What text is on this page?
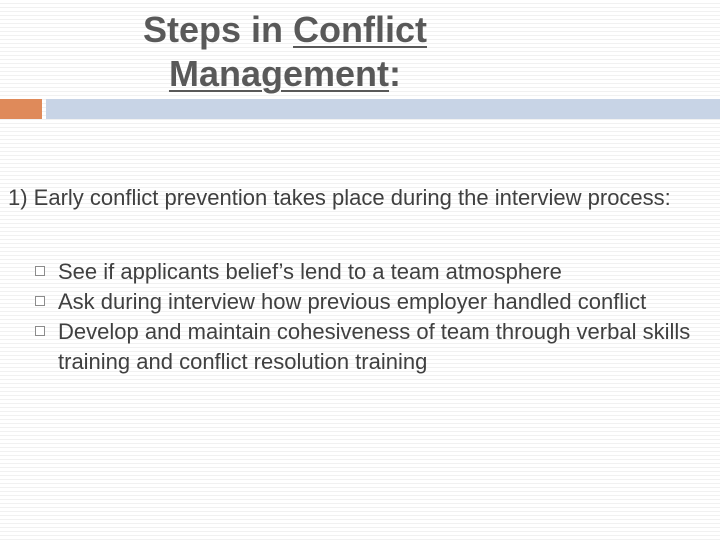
Steps in Conflict
Management:

1) Early conflict prevention takes place during the interview process:

See if applicants belief’s lend to a team atmosphere
Ask during interview how previous employer handled conflict
Develop and maintain cohesiveness of team through verbal skills training and conflict resolution training
